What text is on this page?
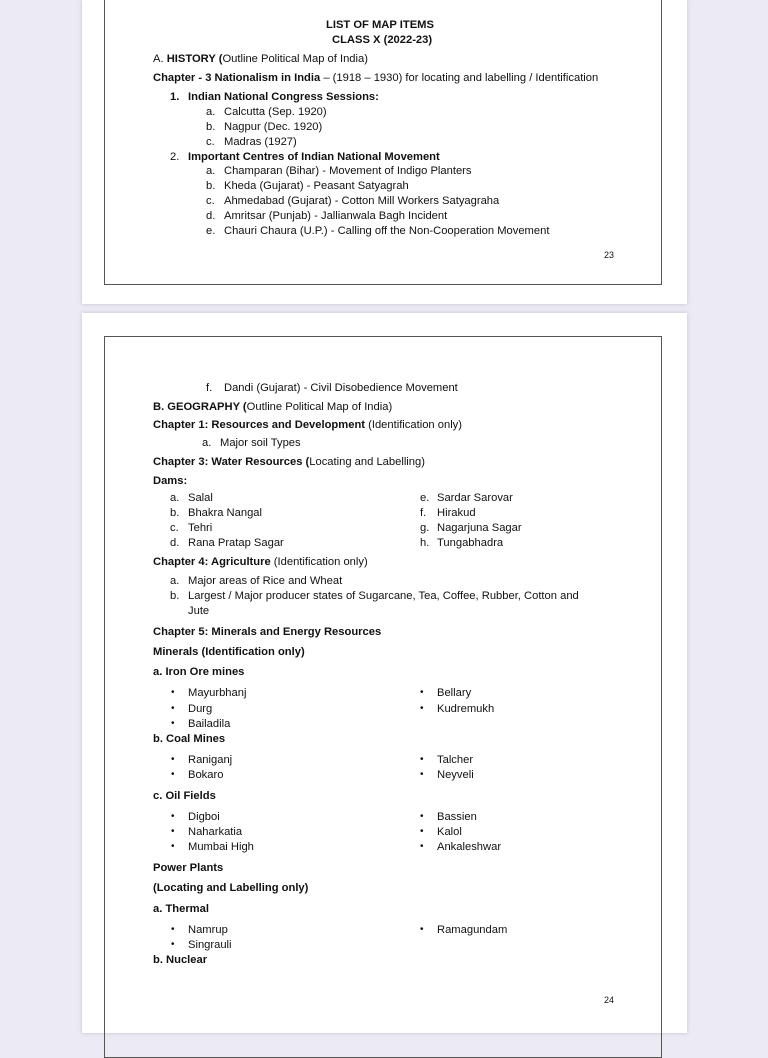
LIST OF MAP ITEMS
CLASS X (2022-23)
A. HISTORY (Outline Political Map of India)
Chapter - 3 Nationalism in India – (1918 – 1930) for locating and labelling / Identification
1. Indian National Congress Sessions:
a. Calcutta (Sep. 1920)
b. Nagpur (Dec. 1920)
c. Madras (1927)
2. Important Centres of Indian National Movement
a. Champaran (Bihar) - Movement of Indigo Planters
b. Kheda (Gujarat) - Peasant Satyagrah
c. Ahmedabad (Gujarat) - Cotton Mill Workers Satyagraha
d. Amritsar (Punjab) - Jallianwala Bagh Incident
e. Chauri Chaura (U.P.) - Calling off the Non-Cooperation Movement
23
f. Dandi (Gujarat) - Civil Disobedience Movement
B. GEOGRAPHY (Outline Political Map of India)
Chapter 1: Resources and Development (Identification only)
a. Major soil Types
Chapter 3: Water Resources (Locating and Labelling)
Dams:
a. Salal
b. Bhakra Nangal
c. Tehri
d. Rana Pratap Sagar
e. Sardar Sarovar
f. Hirakud
g. Nagarjuna Sagar
h. Tungabhadra
Chapter 4: Agriculture (Identification only)
a. Major areas of Rice and Wheat
b. Largest / Major producer states of Sugarcane, Tea, Coffee, Rubber, Cotton and
Jute
Chapter 5: Minerals and Energy Resources
Minerals (Identification only)
a. Iron Ore mines
• Mayurbhanj
• Durg
• Bailadila
• Bellary
• Kudremukh
b. Coal Mines
• Raniganj
• Bokaro
• Talcher
• Neyveli
c. Oil Fields
• Digboi
• Naharkatia
• Mumbai High
• Bassien
• Kalol
• Ankaleshwar
Power Plants
(Locating and Labelling only)
a. Thermal
• Namrup
• Singrauli
• Ramagundam
b. Nuclear
24
